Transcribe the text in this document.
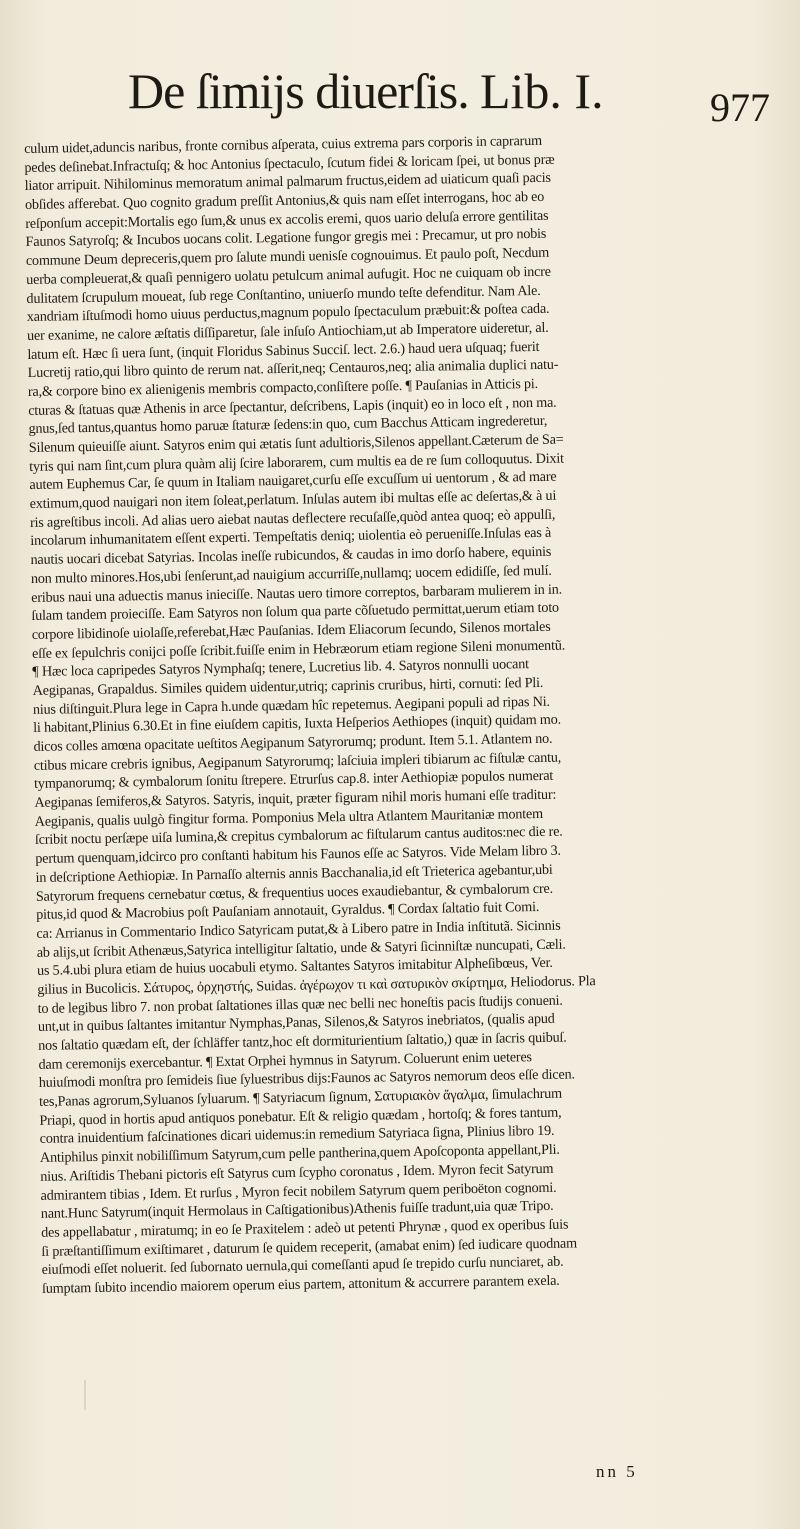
De ſimijs diuerſis. Lib. I.	977
culum uidet,aduncis naribus, fronte cornibus aſperata, cuius extrema pars corporis in caprarum
pedes deſinebat.Infractuſq; & hoc Antonius ſpectaculo, ſcutum fidei & loricam ſpei, ut bonus præ
liator arripuit. Nihilominus memoratum animal palmarum fructus,eidem ad uiaticum quaſi pacis
obſides afferebat. Quo cognito gradum preſſit Antonius,& quis nam eſſet interrogans, hoc ab eo
reſponſum accepit:Mortalis ego ſum,& unus ex accolis eremi, quos uario deluſa errore gentilitas
Faunos Satyroſq; & Incubos uocans colit. Legatione fungor gregis mei : Precamur, ut pro nobis
commune Deum depreceris,quem pro ſalute mundi uenisſe cognouimus. Et paulo poſt, Necdum
uerba compleuerat,& quaſi pennigero uolatu petulcum animal aufugit. Hoc ne cuiquam ob incre
dulitatem ſcrupulum moueat, ſub rege Conſtantino, uniuerſo mundo teſte defenditur. Nam Ale.
xandriam iſtuſmodi homo uiuus perductus,magnum populo ſpectaculum præbuit:& poſtea cada.
uer exanime, ne calore æſtatis diſſiparetur, ſale inſuſo Antiochiam,ut ab Imperatore uideretur, al.
latum eſt. Hæc ſi uera ſunt, (inquit Floridus Sabinus Succiſ. lect. 2.6.) haud uera uſquaq; fuerit
Lucretij ratio,qui libro quinto de rerum nat. aſſerit,neq; Centauros,neq; alia animalia duplici natu-
ra,& corpore bino ex alienigenis membris compacto,conſiſtere poſſe. ¶ Pauſanias in Atticis pi.
cturas & ſtatuas quæ Athenis in arce ſpectantur, deſcribens, Lapis (inquit) eo in loco eſt , non ma.
gnus,ſed tantus,quantus homo paruæ ſtaturæ ſedens:in quo, cum Bacchus Atticam ingrederetur,
Silenum quieuiſſe aiunt. Satyros enim qui ætatis ſunt adultioris,Silenos appellant.Cæterum de Sa=
tyris qui nam ſint,cum plura quàm alij ſcire laborarem, cum multis ea de re ſum colloquutus. Dixit
autem Euphemus Car, ſe quum in Italiam nauigaret,curſu eſſe excuſſum ui uentorum , & ad mare
extimum,quod nauigari non item ſoleat,perlatum. Inſulas autem ibi multas eſſe ac deſertas,& à ui
ris agreſtibus incoli. Ad alias uero aiebat nautas deflectere recuſaſſe,quòd antea quoq; eò appulſi,
incolarum inhumanitatem eſſent experti. Tempeſtatis deniq; uiolentia eò perueniſſe.Inſulas eas à
nautis uocari dicebat Satyrias. Incolas ineſſe rubicundos, & caudas in imo dorſo habere, equinis
non multo minores.Hos,ubi ſenſerunt,ad nauigium accurriſſe,nullamq; uocem edidiſſe, ſed mulí.
eribus naui una aduectis manus inieciſſe. Nautas uero timore correptos, barbaram mulierem in in.
ſulam tandem proieciſſe. Eam Satyros non ſolum qua parte cõſuetudo permittat,uerum etiam toto
corpore libidinoſe uiolaſſe,referebat,Hæc Pauſanias. Idem Eliacorum ſecundo, Silenos mortales
eſſe ex ſepulchris conijci poſſe ſcribit.fuiſſe enim in Hebræorum etiam regione Sileni monumentũ.
¶ Hæc loca capripedes Satyros Nymphaſq; tenere, Lucretius lib. 4. Satyros nonnulli uocant
Aegipanas, Grapaldus. Similes quidem uidentur,utriq; caprinis cruribus, hirti, cornuti: ſed Pli.
nius diſtinguit.Plura lege in Capra h.unde quædam hîc repetemus. Aegipani populi ad ripas Ni.
li habitant,Plinius 6.30.Et in fine eiuſdem capitis, Iuxta Heſperios Aethiopes (inquit) quidam mo.
dicos colles amœna opacitate ueſtitos Aegipanum Satyrorumq; produnt. Item 5.1. Atlantem no.
ctibus micare crebris ignibus, Aegipanum Satyrorumq; laſciuia impleri tibiarum ac fiſtulæ cantu,
tympanorumq; & cymbalorum ſonitu ſtrepere. Etrurſus cap.8. inter Aethiopiæ populos numerat
Aegipanas ſemiferos,& Satyros. Satyris, inquit, præter figuram nihil moris humani eſſe traditur:
Aegipanis, qualis uulgò fingitur forma. Pomponius Mela ultra Atlantem Mauritaniæ montem
ſcribit noctu perſæpe uiſa lumina,& crepitus cymbalorum ac fiſtularum cantus auditos:nec die re.
pertum quenquam,idcirco pro conſtanti habitum his Faunos eſſe ac Satyros. Vide Melam libro 3.
in deſcriptione Aethiopiæ. In Parnaſſo alternis annis Bacchanalia,id eſt Trieterica agebantur,ubi
Satyrorum frequens cernebatur cœtus, & frequentius uoces exaudiebantur, & cymbalorum cre.
pitus,id quod & Macrobius poſt Pauſaniam annotauit, Gyraldus. ¶ Cordax ſaltatio fuit Comi.
ca: Arrianus in Commentario Indico Satyricam putat,& à Libero patre in India inſtitutã. Sicinnis
ab alijs,ut ſcribit Athenæus,Satyrica intelligitur ſaltatio, unde & Satyri ſicinniſtæ nuncupati, Cæli.
us 5.4.ubi plura etiam de huius uocabuli etymo. Saltantes Satyros imitabitur Alpheſibœus, Ver.
gilius in Bucolicis. Σάτυρος, ὀρχηστής, Suidas. ἀγέρωχον τι καὶ σατυρικὸν σκίρτημα, Heliodorus. Pla
to de legibus libro 7. non probat ſaltationes illas quæ nec belli nec honeſtis pacis ſtudijs conueni.
unt,ut in quibus ſaltantes imitantur Nymphas,Panas, Silenos,& Satyros inebriatos, (qualis apud
nos ſaltatio quædam eſt, der ſchläffer tantz,hoc eſt dormiturientium ſaltatio,) quæ in ſacris quibuſ.
dam ceremonijs exercebantur. ¶ Extat Orphei hymnus in Satyrum. Coluerunt enim ueteres
huiuſmodi monſtra pro ſemideis ſiue ſyluestribus dijs:Faunos ac Satyros nemorum deos eſſe dicen.
tes,Panas agrorum,Syluanos ſyluarum. ¶ Satyriacum ſignum, Σατυριακὸν ἄγαλμα, ſimulachrum
Priapi, quod in hortis apud antiquos ponebatur. Eſt & religio quædam , hortoſq; & fores tantum,
contra inuidentium faſcinationes dicari uidemus:in remedium Satyriaca ſigna, Plinius libro 19.
Antiphilus pinxit nobiliſſimum Satyrum,cum pelle pantherina,quem Apoſcoponta appellant,Pli.
nius. Ariſtidis Thebani pictoris eſt Satyrus cum ſcypho coronatus , Idem. Myron fecit Satyrum
admirantem tibias , Idem. Et rurſus , Myron fecit nobilem Satyrum quem periboëton cognomi.
nant.Hunc Satyrum(inquit Hermolaus in Caſtigationibus)Athenis fuiſſe tradunt,uia quæ Tripo.
des appellabatur , miratumq; in eo ſe Praxitelem : adeò ut petenti Phrynæ , quod ex operibus ſuis
ſi præſtantiſſimum exiſtimaret , daturum ſe quidem receperit, (amabat enim) ſed iudicare quodnam
eiuſmodi eſſet noluerit. ſed ſubornato uernula,qui comeſſanti apud ſe trepido curſu nunciaret, ab.
ſumptam ſubito incendio maiorem operum eius partem, attonitum & accurrere parantem exela.
nn 5
